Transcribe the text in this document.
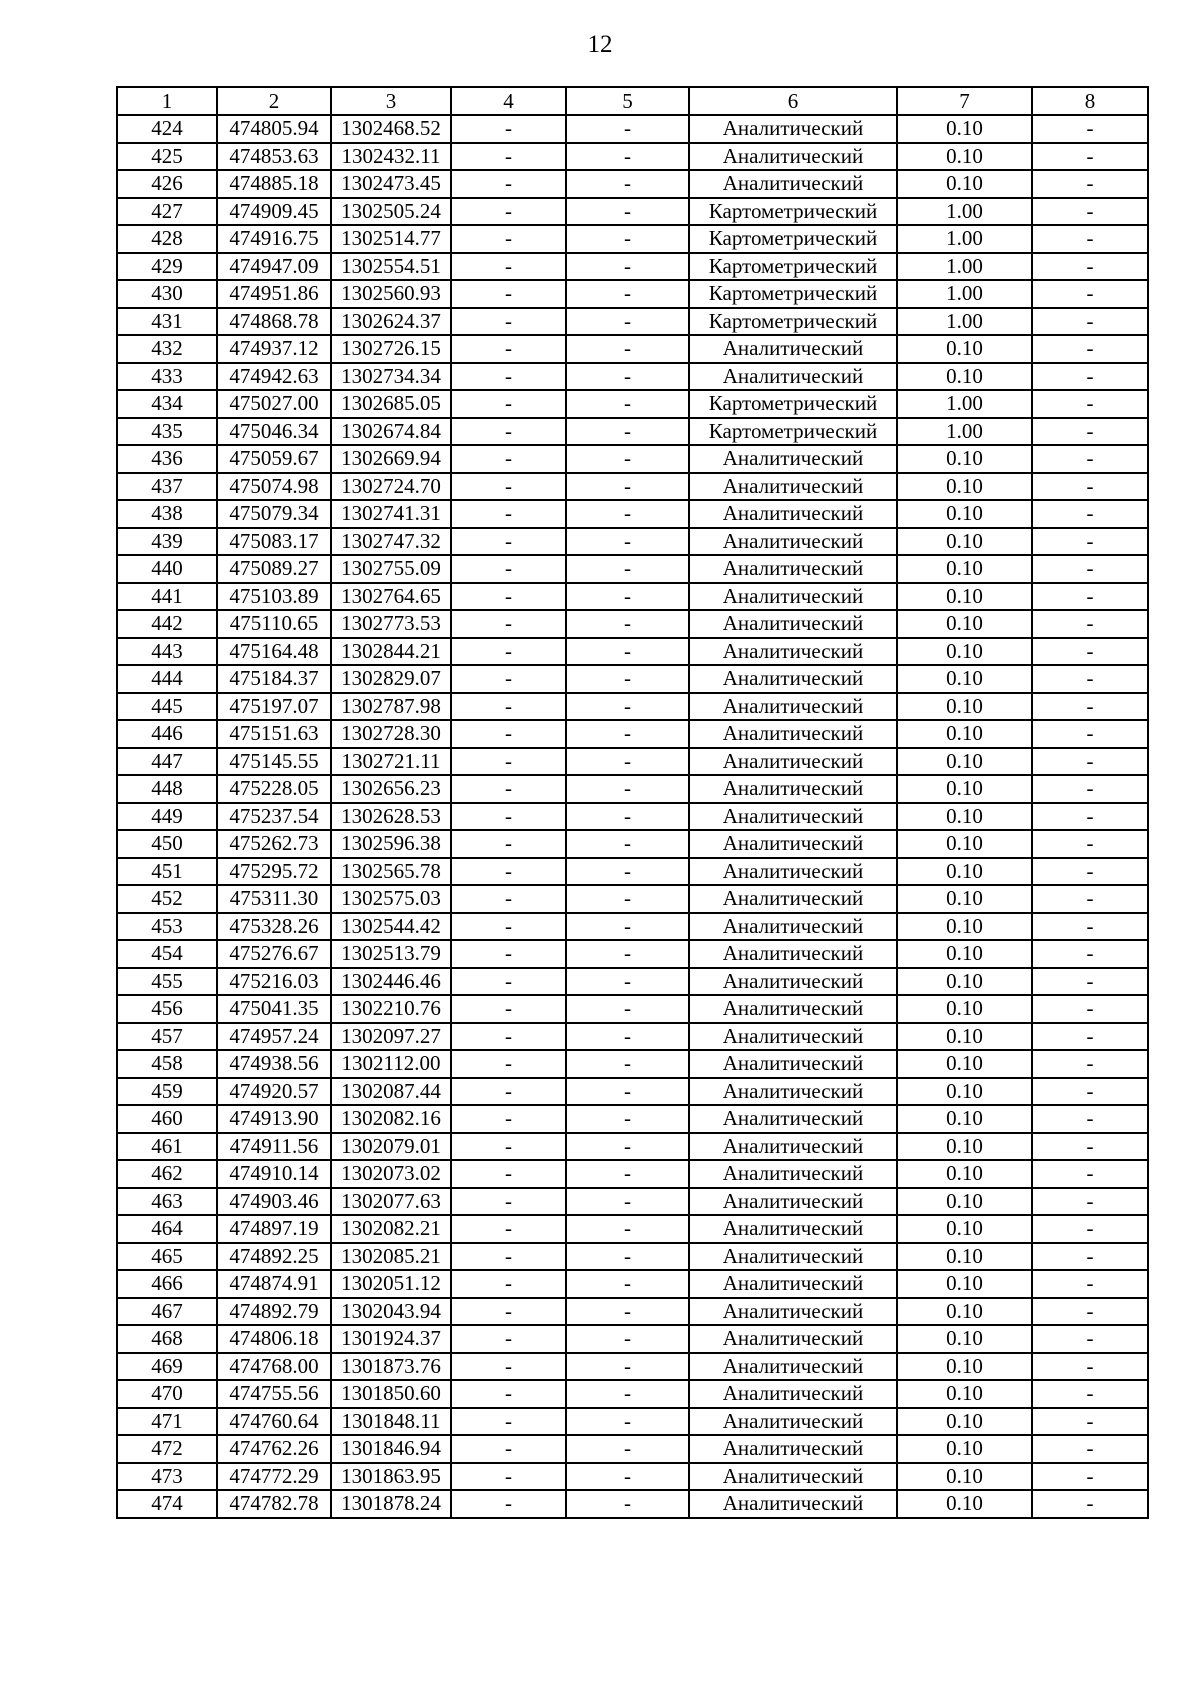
12
1	2	3	4	5	6	7	8
424	474805.94	1302468.52	-	-	Аналитический	0.10	-
425	474853.63	1302432.11	-	-	Аналитический	0.10	-
426	474885.18	1302473.45	-	-	Аналитический	0.10	-
427	474909.45	1302505.24	-	-	Картометрический	1.00	-
428	474916.75	1302514.77	-	-	Картометрический	1.00	-
429	474947.09	1302554.51	-	-	Картометрический	1.00	-
430	474951.86	1302560.93	-	-	Картометрический	1.00	-
431	474868.78	1302624.37	-	-	Картометрический	1.00	-
432	474937.12	1302726.15	-	-	Аналитический	0.10	-
433	474942.63	1302734.34	-	-	Аналитический	0.10	-
434	475027.00	1302685.05	-	-	Картометрический	1.00	-
435	475046.34	1302674.84	-	-	Картометрический	1.00	-
436	475059.67	1302669.94	-	-	Аналитический	0.10	-
437	475074.98	1302724.70	-	-	Аналитический	0.10	-
438	475079.34	1302741.31	-	-	Аналитический	0.10	-
439	475083.17	1302747.32	-	-	Аналитический	0.10	-
440	475089.27	1302755.09	-	-	Аналитический	0.10	-
441	475103.89	1302764.65	-	-	Аналитический	0.10	-
442	475110.65	1302773.53	-	-	Аналитический	0.10	-
443	475164.48	1302844.21	-	-	Аналитический	0.10	-
444	475184.37	1302829.07	-	-	Аналитический	0.10	-
445	475197.07	1302787.98	-	-	Аналитический	0.10	-
446	475151.63	1302728.30	-	-	Аналитический	0.10	-
447	475145.55	1302721.11	-	-	Аналитический	0.10	-
448	475228.05	1302656.23	-	-	Аналитический	0.10	-
449	475237.54	1302628.53	-	-	Аналитический	0.10	-
450	475262.73	1302596.38	-	-	Аналитический	0.10	-
451	475295.72	1302565.78	-	-	Аналитический	0.10	-
452	475311.30	1302575.03	-	-	Аналитический	0.10	-
453	475328.26	1302544.42	-	-	Аналитический	0.10	-
454	475276.67	1302513.79	-	-	Аналитический	0.10	-
455	475216.03	1302446.46	-	-	Аналитический	0.10	-
456	475041.35	1302210.76	-	-	Аналитический	0.10	-
457	474957.24	1302097.27	-	-	Аналитический	0.10	-
458	474938.56	1302112.00	-	-	Аналитический	0.10	-
459	474920.57	1302087.44	-	-	Аналитический	0.10	-
460	474913.90	1302082.16	-	-	Аналитический	0.10	-
461	474911.56	1302079.01	-	-	Аналитический	0.10	-
462	474910.14	1302073.02	-	-	Аналитический	0.10	-
463	474903.46	1302077.63	-	-	Аналитический	0.10	-
464	474897.19	1302082.21	-	-	Аналитический	0.10	-
465	474892.25	1302085.21	-	-	Аналитический	0.10	-
466	474874.91	1302051.12	-	-	Аналитический	0.10	-
467	474892.79	1302043.94	-	-	Аналитический	0.10	-
468	474806.18	1301924.37	-	-	Аналитический	0.10	-
469	474768.00	1301873.76	-	-	Аналитический	0.10	-
470	474755.56	1301850.60	-	-	Аналитический	0.10	-
471	474760.64	1301848.11	-	-	Аналитический	0.10	-
472	474762.26	1301846.94	-	-	Аналитический	0.10	-
473	474772.29	1301863.95	-	-	Аналитический	0.10	-
474	474782.78	1301878.24	-	-	Аналитический	0.10	-
